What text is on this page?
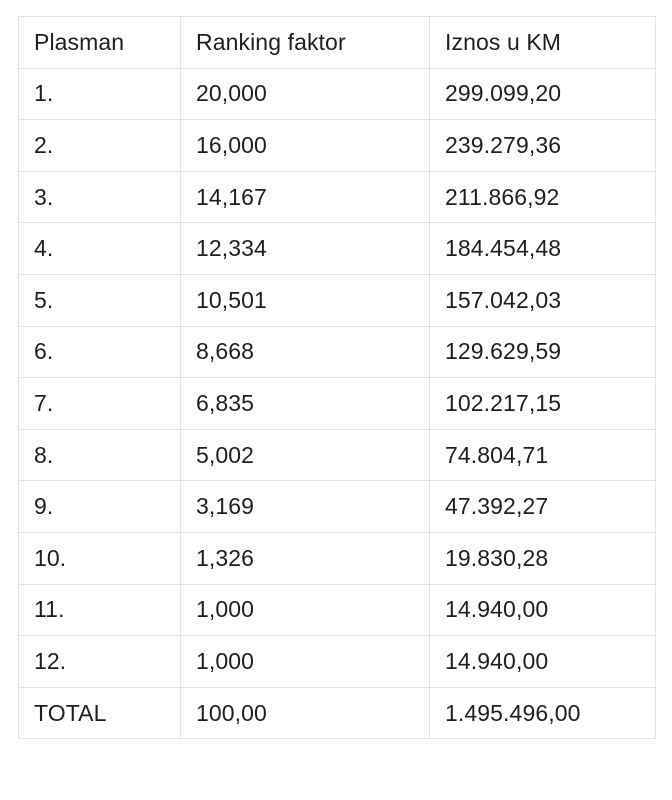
Plasman	Ranking faktor	Iznos u KM
1.	20,000	299.099,20
2.	16,000	239.279,36
3.	14,167	211.866,92
4.	12,334	184.454,48
5.	10,501	157.042,03
6.	8,668	129.629,59
7.	6,835	102.217,15
8.	5,002	74.804,71
9.	3,169	47.392,27
10.	1,326	19.830,28
11.	1,000	14.940,00
12.	1,000	14.940,00
TOTAL	100,00	1.495.496,00
